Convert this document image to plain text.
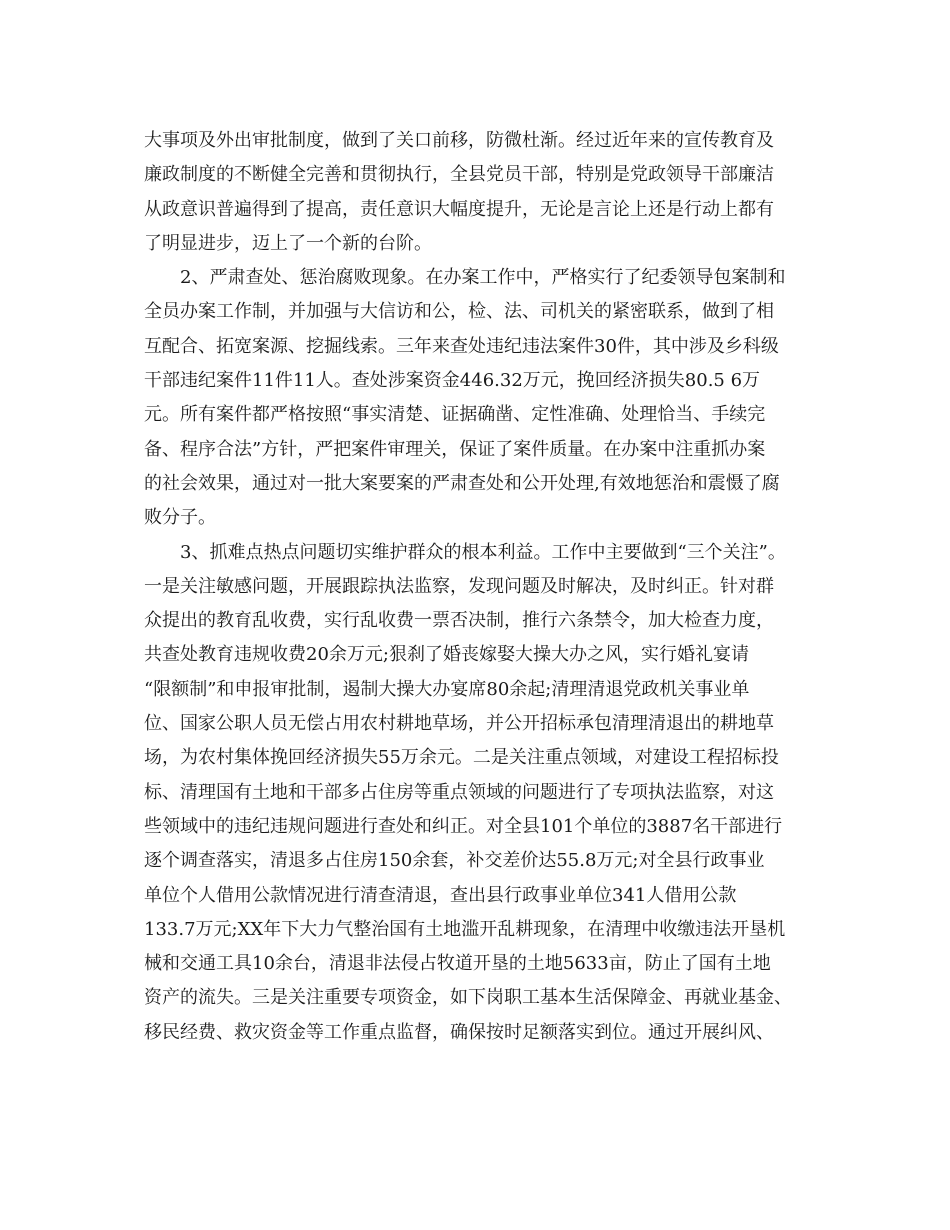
大事项及外出审批制度，做到了关口前移，防微杜渐。经过近年来的宣传教育及
廉政制度的不断健全完善和贯彻执行，全县党员干部，特别是党政领导干部廉洁
从政意识普遍得到了提高，责任意识大幅度提升，无论是言论上还是行动上都有
了明显进步，迈上了一个新的台阶。
2、严肃查处、惩治腐败现象。在办案工作中，严格实行了纪委领导包案制和
全员办案工作制，并加强与大信访和公，检、法、司机关的紧密联系，做到了相
互配合、拓宽案源、挖掘线索。三年来查处违纪违法案件30件，其中涉及乡科级
干部违纪案件11件11人。查处涉案资金446.32万元，挽回经济损失80.5 6万
元。所有案件都严格按照“事实清楚、证据确凿、定性准确、处理恰当、手续完
备、程序合法”方针，严把案件审理关，保证了案件质量。在办案中注重抓办案
的社会效果，通过对一批大案要案的严肃查处和公开处理,有效地惩治和震慑了腐
败分子。
3、抓难点热点问题切实维护群众的根本利益。工作中主要做到“三个关注”。
一是关注敏感问题，开展跟踪执法监察，发现问题及时解决，及时纠正。针对群
众提出的教育乱收费，实行乱收费一票否决制，推行六条禁令，加大检查力度，
共查处教育违规收费20余万元;狠刹了婚丧嫁娶大操大办之风，实行婚礼宴请
“限额制”和申报审批制，遏制大操大办宴席80余起;清理清退党政机关事业单
位、国家公职人员无偿占用农村耕地草场，并公开招标承包清理清退出的耕地草
场，为农村集体挽回经济损失55万余元。二是关注重点领域，对建设工程招标投
标、清理国有土地和干部多占住房等重点领域的问题进行了专项执法监察，对这
些领域中的违纪违规问题进行查处和纠正。对全县101个单位的3887名干部进行
逐个调查落实，清退多占住房150余套，补交差价达55.8万元;对全县行政事业
单位个人借用公款情况进行清查清退，查出县行政事业单位341人借用公款
133.7万元;XX年下大力气整治国有土地滥开乱耕现象，在清理中收缴违法开垦机
械和交通工具10余台，清退非法侵占牧道开垦的土地5633亩，防止了国有土地
资产的流失。三是关注重要专项资金，如下岗职工基本生活保障金、再就业基金、
移民经费、救灾资金等工作重点监督，确保按时足额落实到位。通过开展纠风、
